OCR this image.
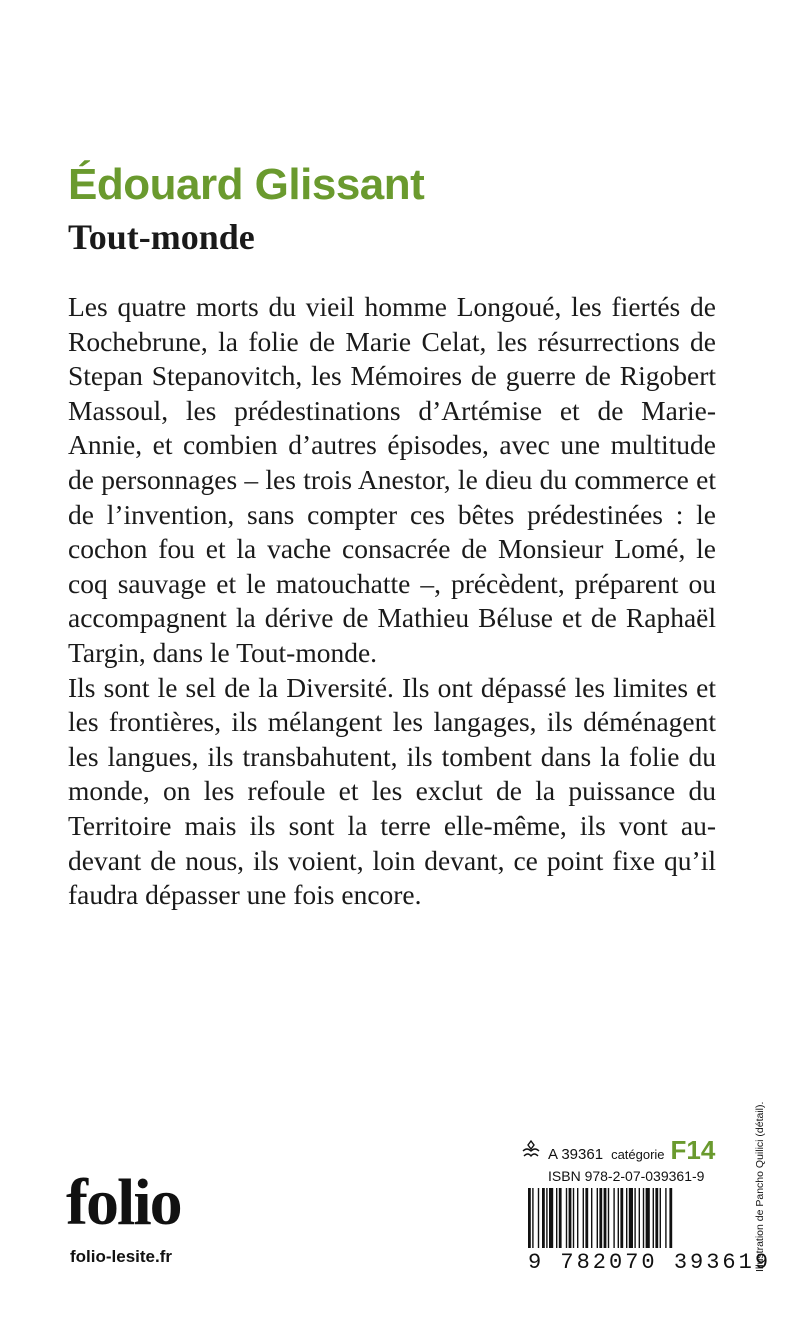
Édouard Glissant
Tout-monde

Les quatre morts du vieil homme Longoué, les fiertés de Rochebrune, la folie de Marie Celat, les résurrections de Stepan Stepanovitch, les Mémoires de guerre de Rigobert Massoul, les prédestinations d’Artémise et de Marie-Annie, et combien d’autres épisodes, avec une multitude de personnages – les trois Anestor, le dieu du commerce et de l’invention, sans compter ces bêtes prédestinées : le cochon fou et la vache consacrée de Monsieur Lomé, le coq sauvage et le matouchatte –, précèdent, préparent ou accompagnent la dérive de Mathieu Béluse et de Raphaël Targin, dans le Tout-monde.

Ils sont le sel de la Diversité. Ils ont dépassé les limites et les frontières, ils mélangent les langages, ils déménagent les langues, ils transbahutent, ils tombent dans la folie du monde, on les refoule et les exclut de la puissance du Territoire mais ils sont la terre elle-même, ils vont au-devant de nous, ils voient, loin devant, ce point fixe qu’il faudra dépasser une fois encore.

folio
folio-lesite.fr
A 39361 catégorie F14
ISBN 978-2-07-039361-9
9 782070 393619
Illustration de Pancho Quilici (détail).
